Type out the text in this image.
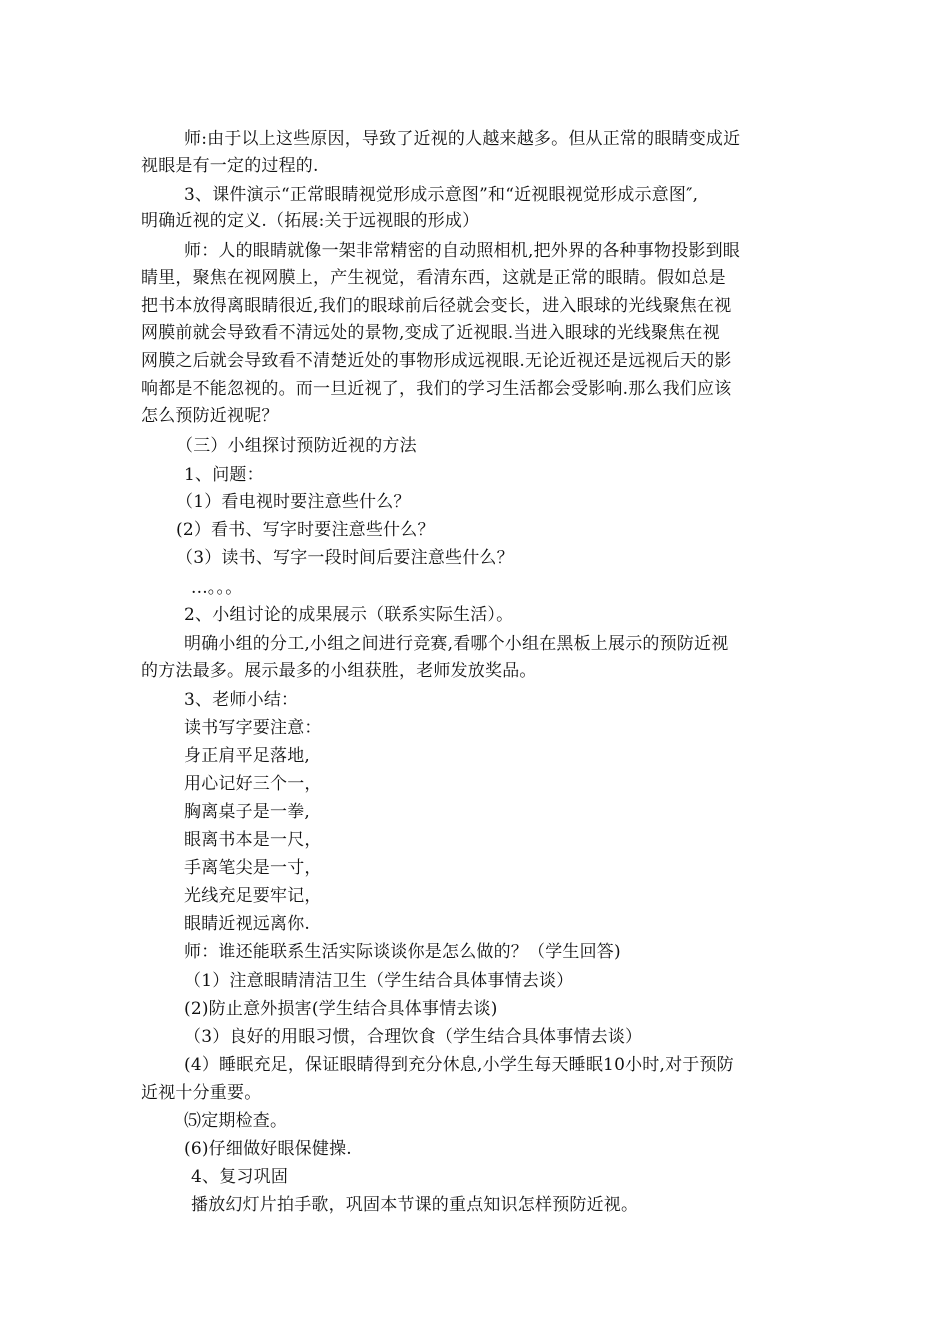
师:由于以上这些原因，导致了近视的人越来越多。但从正常的眼睛变成近
视眼是有一定的过程的.
3、课件演示“正常眼睛视觉形成示意图”和“近视眼视觉形成示意图″,
明确近视的定义.（拓展:关于远视眼的形成）
师：人的眼睛就像一架非常精密的自动照相机,把外界的各种事物投影到眼
睛里，聚焦在视网膜上，产生视觉，看清东西，这就是正常的眼睛。假如总是
把书本放得离眼睛很近,我们的眼球前后径就会变长，进入眼球的光线聚焦在视
网膜前就会导致看不清远处的景物,变成了近视眼.当进入眼球的光线聚焦在视
网膜之后就会导致看不清楚近处的事物形成远视眼.无论近视还是远视后天的影
响都是不能忽视的。而一旦近视了，我们的学习生活都会受影响.那么我们应该
怎么预防近视呢？
（三）小组探讨预防近视的方法
1、问题：
（1）看电视时要注意些什么？
(2）看书、写字时要注意些什么？
（3）读书、写字一段时间后要注意些什么？
...。。。
2、小组讨论的成果展示（联系实际生活）。
明确小组的分工,小组之间进行竞赛,看哪个小组在黑板上展示的预防近视
的方法最多。展示最多的小组获胜，老师发放奖品。
3、老师小结：
读书写字要注意：
身正肩平足落地,
用心记好三个一，
胸离桌子是一拳,
眼离书本是一尺，
手离笔尖是一寸，
光线充足要牢记，
眼睛近视远离你.
师：谁还能联系生活实际谈谈你是怎么做的？（学生回答)
（1）注意眼睛清洁卫生（学生结合具体事情去谈）
(2)防止意外损害(学生结合具体事情去谈)
（3）良好的用眼习惯，合理饮食（学生结合具体事情去谈）
(4）睡眠充足，保证眼睛得到充分休息,小学生每天睡眠10小时,对于预防
近视十分重要。
⑸定期检查。
(6)仔细做好眼保健操.
4、复习巩固
播放幻灯片拍手歌，巩固本节课的重点知识怎样预防近视。
